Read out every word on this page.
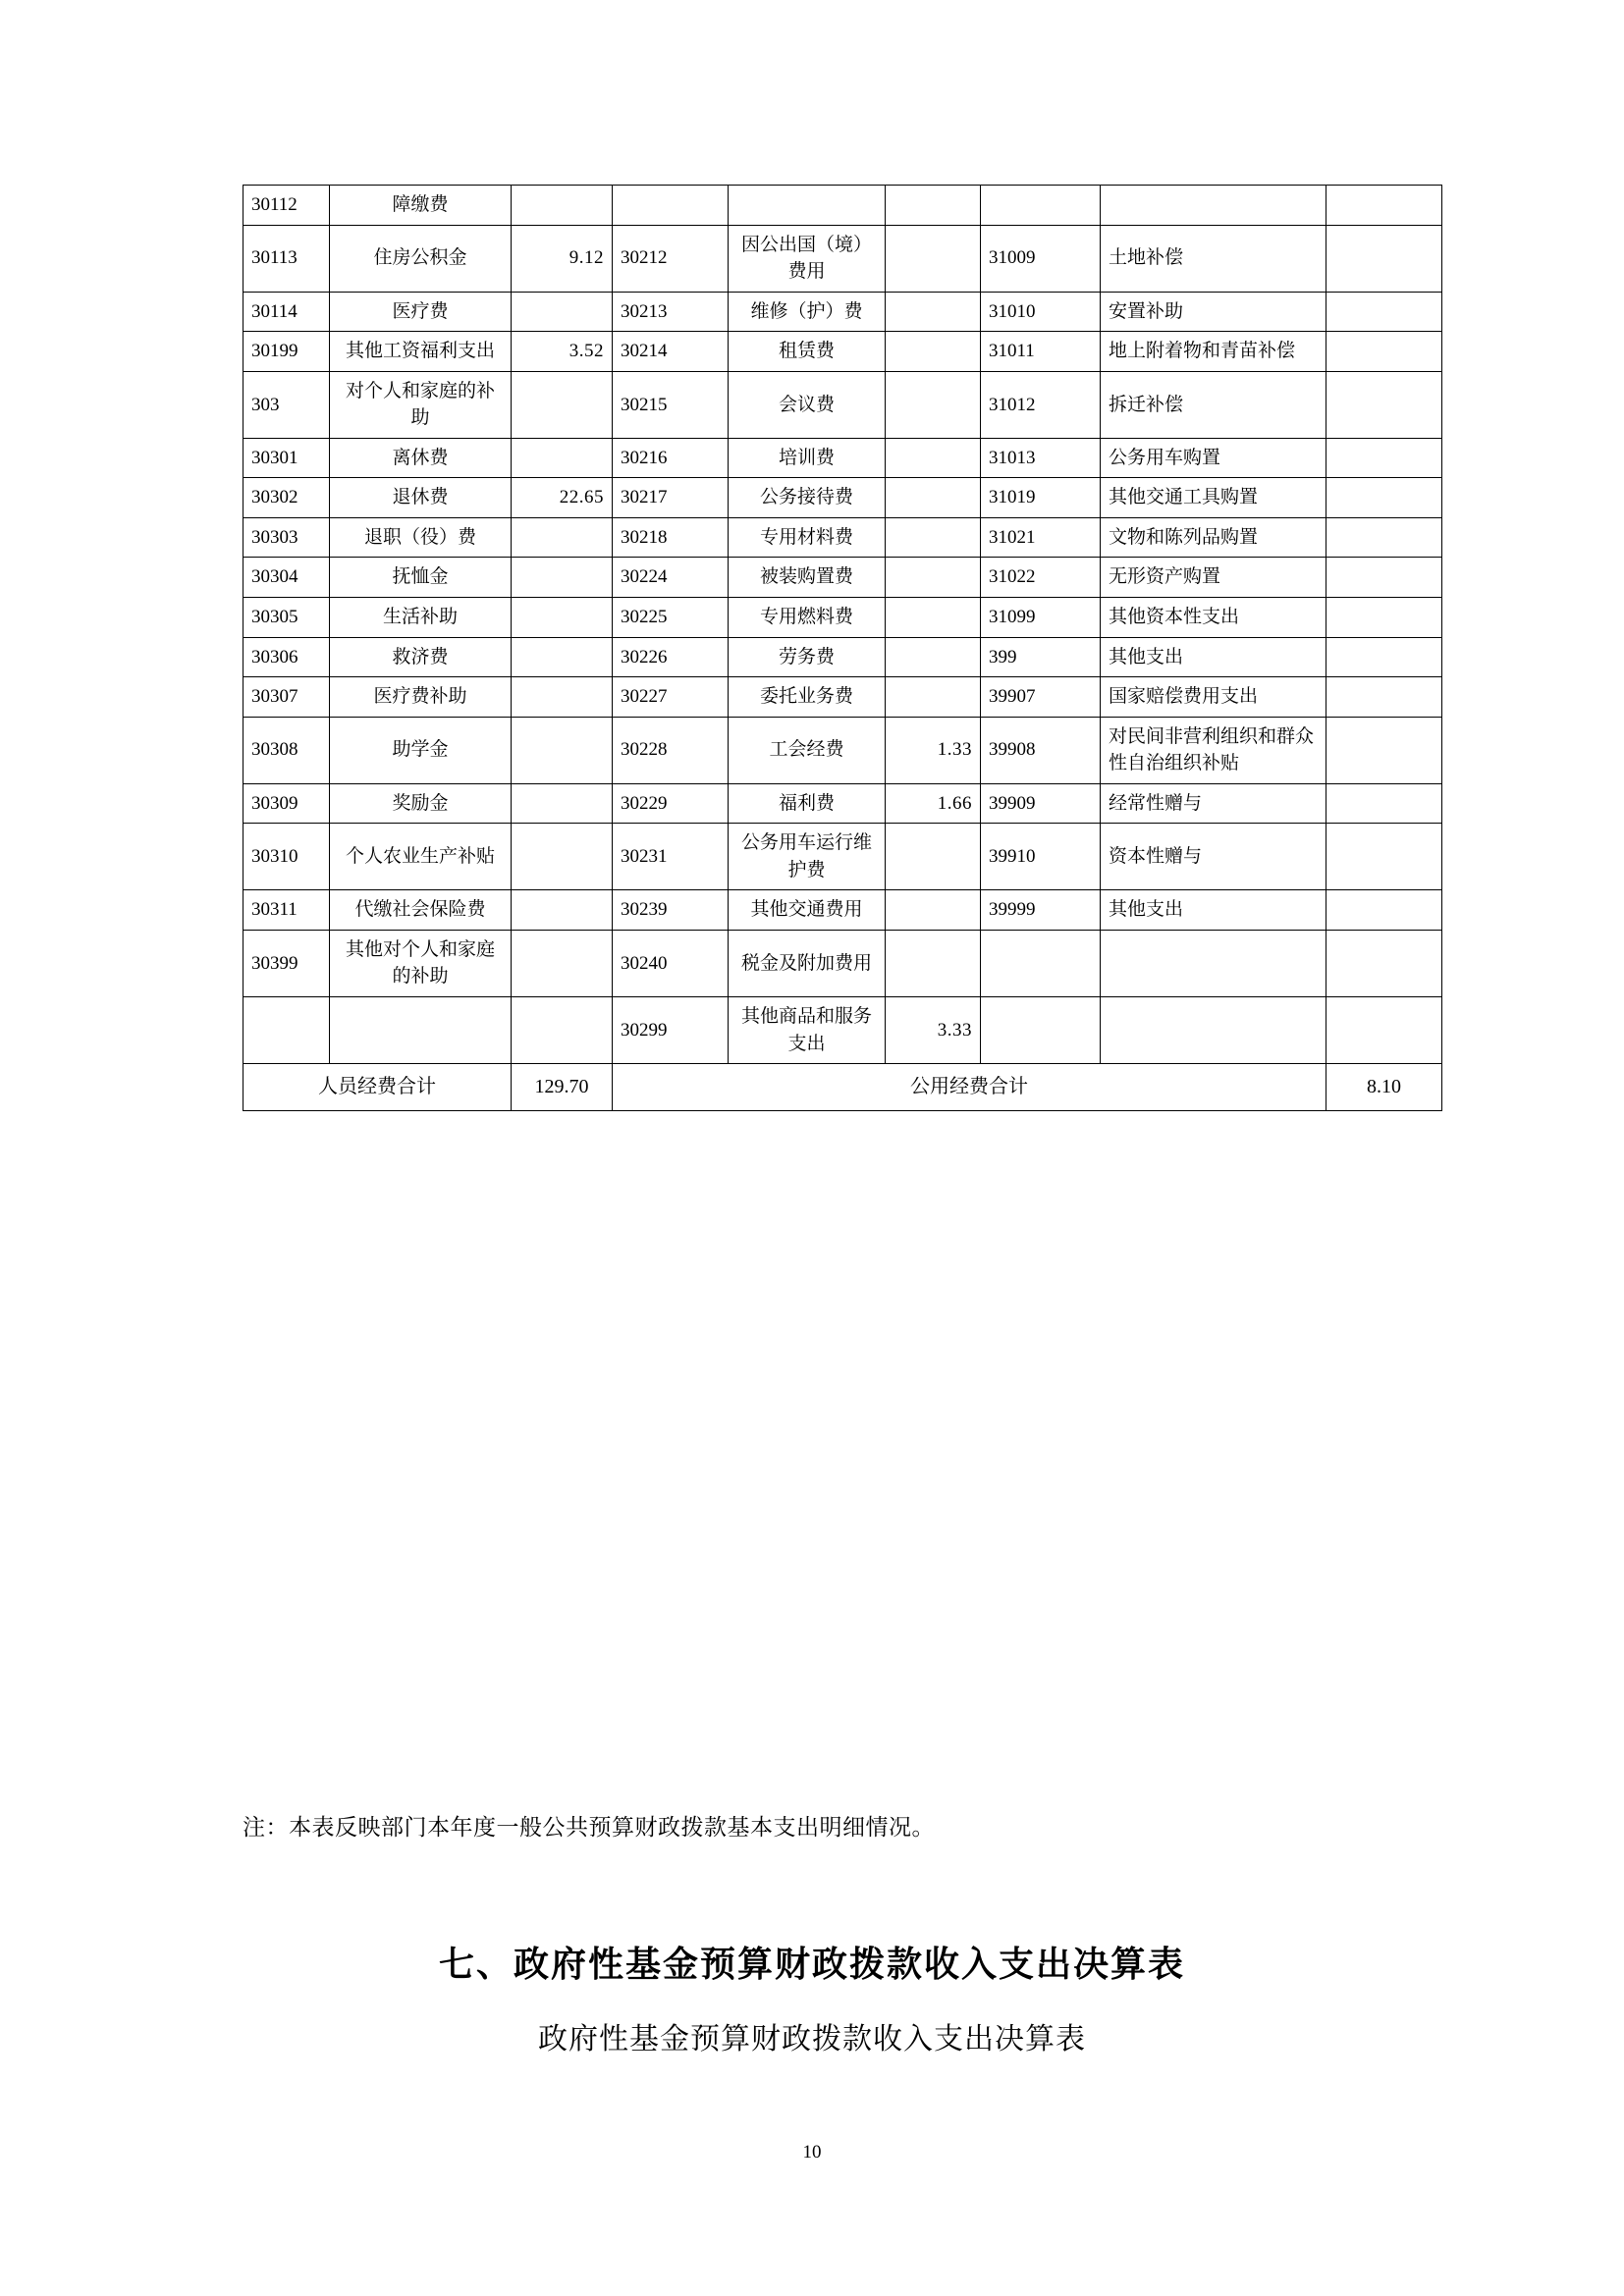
30112	障缴费							
30113	住房公积金	9.12	30212	因公出国（境）费用		31009	土地补偿	
30114	医疗费		30213	维修（护）费		31010	安置补助	
30199	其他工资福利支出	3.52	30214	租赁费		31011	地上附着物和青苗补偿	
303	对个人和家庭的补助		30215	会议费		31012	拆迁补偿	
30301	离休费		30216	培训费		31013	公务用车购置	
30302	退休费	22.65	30217	公务接待费		31019	其他交通工具购置	
30303	退职（役）费		30218	专用材料费		31021	文物和陈列品购置	
30304	抚恤金		30224	被装购置费		31022	无形资产购置	
30305	生活补助		30225	专用燃料费		31099	其他资本性支出	
30306	救济费		30226	劳务费		399	其他支出	
30307	医疗费补助		30227	委托业务费		39907	国家赔偿费用支出	
30308	助学金		30228	工会经费	1.33	39908	对民间非营利组织和群众性自治组织补贴	
30309	奖励金		30229	福利费	1.66	39909	经常性赠与	
30310	个人农业生产补贴		30231	公务用车运行维护费		39910	资本性赠与	
30311	代缴社会保险费		30239	其他交通费用		39999	其他支出	
30399	其他对个人和家庭的补助		30240	税金及附加费用				
			30299	其他商品和服务支出	3.33			
人员经费合计		129.70	公用经费合计					8.10
注：本表反映部门本年度一般公共预算财政拨款基本支出明细情况。
七、政府性基金预算财政拨款收入支出决算表
政府性基金预算财政拨款收入支出决算表
10
